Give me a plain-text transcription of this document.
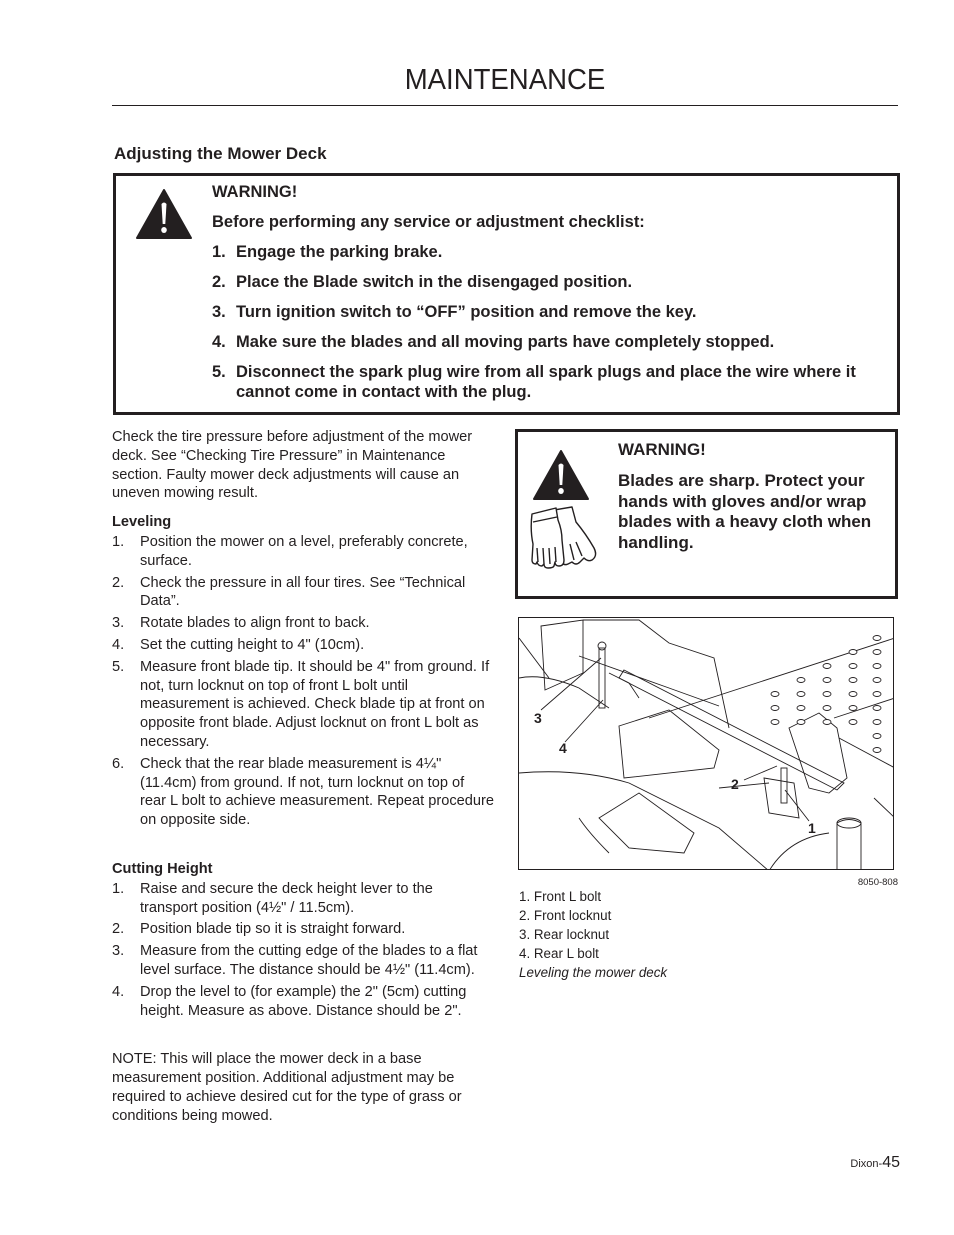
MAINTENANCE
Adjusting the Mower Deck
WARNING!
Before performing any service or adjustment checklist:
1. Engage the parking brake.
2. Place the Blade switch in the disengaged position.
3. Turn ignition switch to “OFF” position and remove the key.
4. Make sure the blades and all moving parts have completely stopped.
5. Disconnect the spark plug wire from all spark plugs and place the wire where it cannot come in contact with the plug.

Check the tire pressure before adjustment of the mower deck. See “Checking Tire Pressure” in Maintenance section. Faulty mower deck adjustments will cause an uneven mowing result.

Leveling
1.	Position the mower on a level, preferably concrete, surface.
2.	Check the pressure in all four tires. See “Technical Data”.
3.	Rotate blades to align front to back.
4.	Set the cutting height to 4" (10cm).
5.	Measure front blade tip. It should be 4" from ground. If not, turn locknut on top of front L bolt until measurement is achieved. Check blade tip at front on opposite front blade. Adjust locknut on front L bolt as necessary.
6.	Check that the rear blade measurement is 4¼" (11.4cm) from ground. If not, turn locknut on top of rear L bolt to achieve measurement. Repeat procedure on opposite side.
Cutting Height
1.	Raise and secure the deck height lever to the transport position (4½" / 11.5cm).
2.	Position blade tip so it is straight forward.
3.	Measure from the cutting edge of the blades to a flat level surface. The distance should be 4½" (11.4cm).
4.	Drop the level to (for example) the 2" (5cm) cutting height. Measure as above. Distance should be 2".

NOTE: This will place the mower deck in a base measurement position. Additional adjustment may be required to achieve desired cut for the type of grass or conditions being mowed.

WARNING!
Blades are sharp. Protect your hands with gloves and/or wrap blades with a heavy cloth when handling.
3
4
2
1
8050-808
1. Front L bolt
2. Front locknut
3. Rear locknut
4. Rear L bolt
Leveling the mower deck
Dixon-45
